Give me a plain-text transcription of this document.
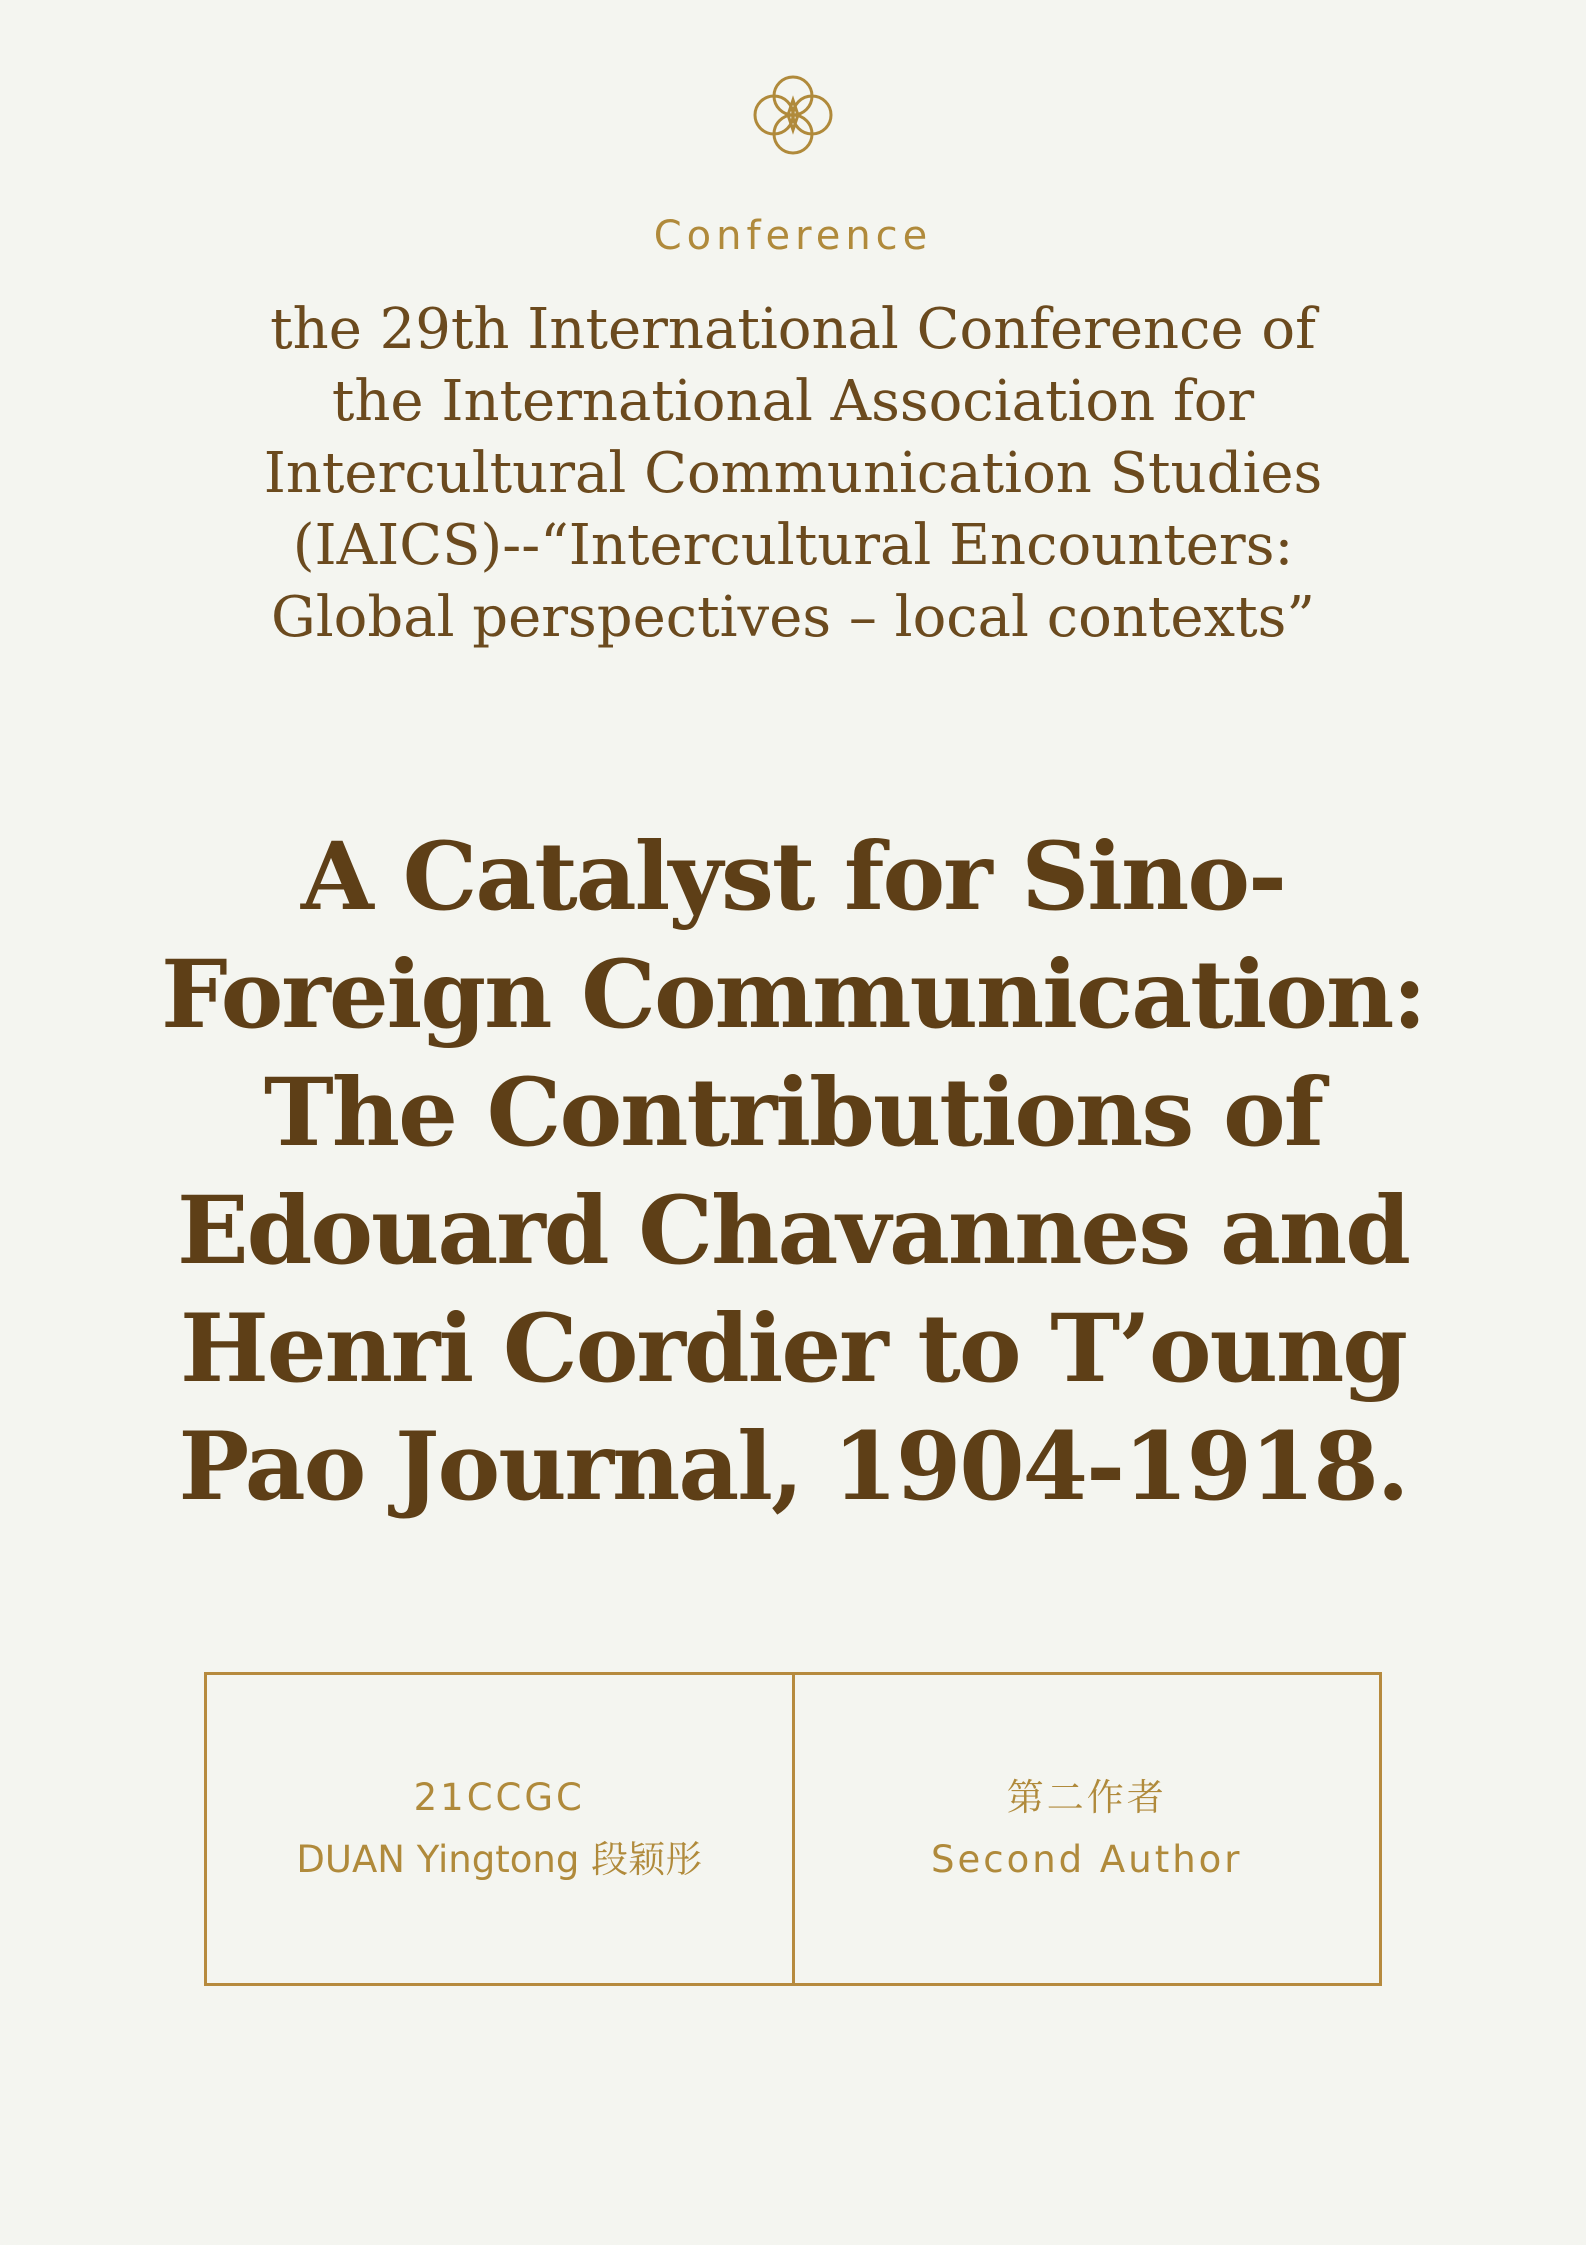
Conference
the 29th International Conference of
the International Association for
Intercultural Communication Studies
(IAICS)--“Intercultural Encounters:
Global perspectives – local contexts”
A Catalyst for Sino-
Foreign Communication:
The Contributions of
Edouard Chavannes and
Henri Cordier to T’oung
Pao Journal, 1904-1918.
21CCGC
DUAN Yingtong 段颖彤
第二作者
Second Author
